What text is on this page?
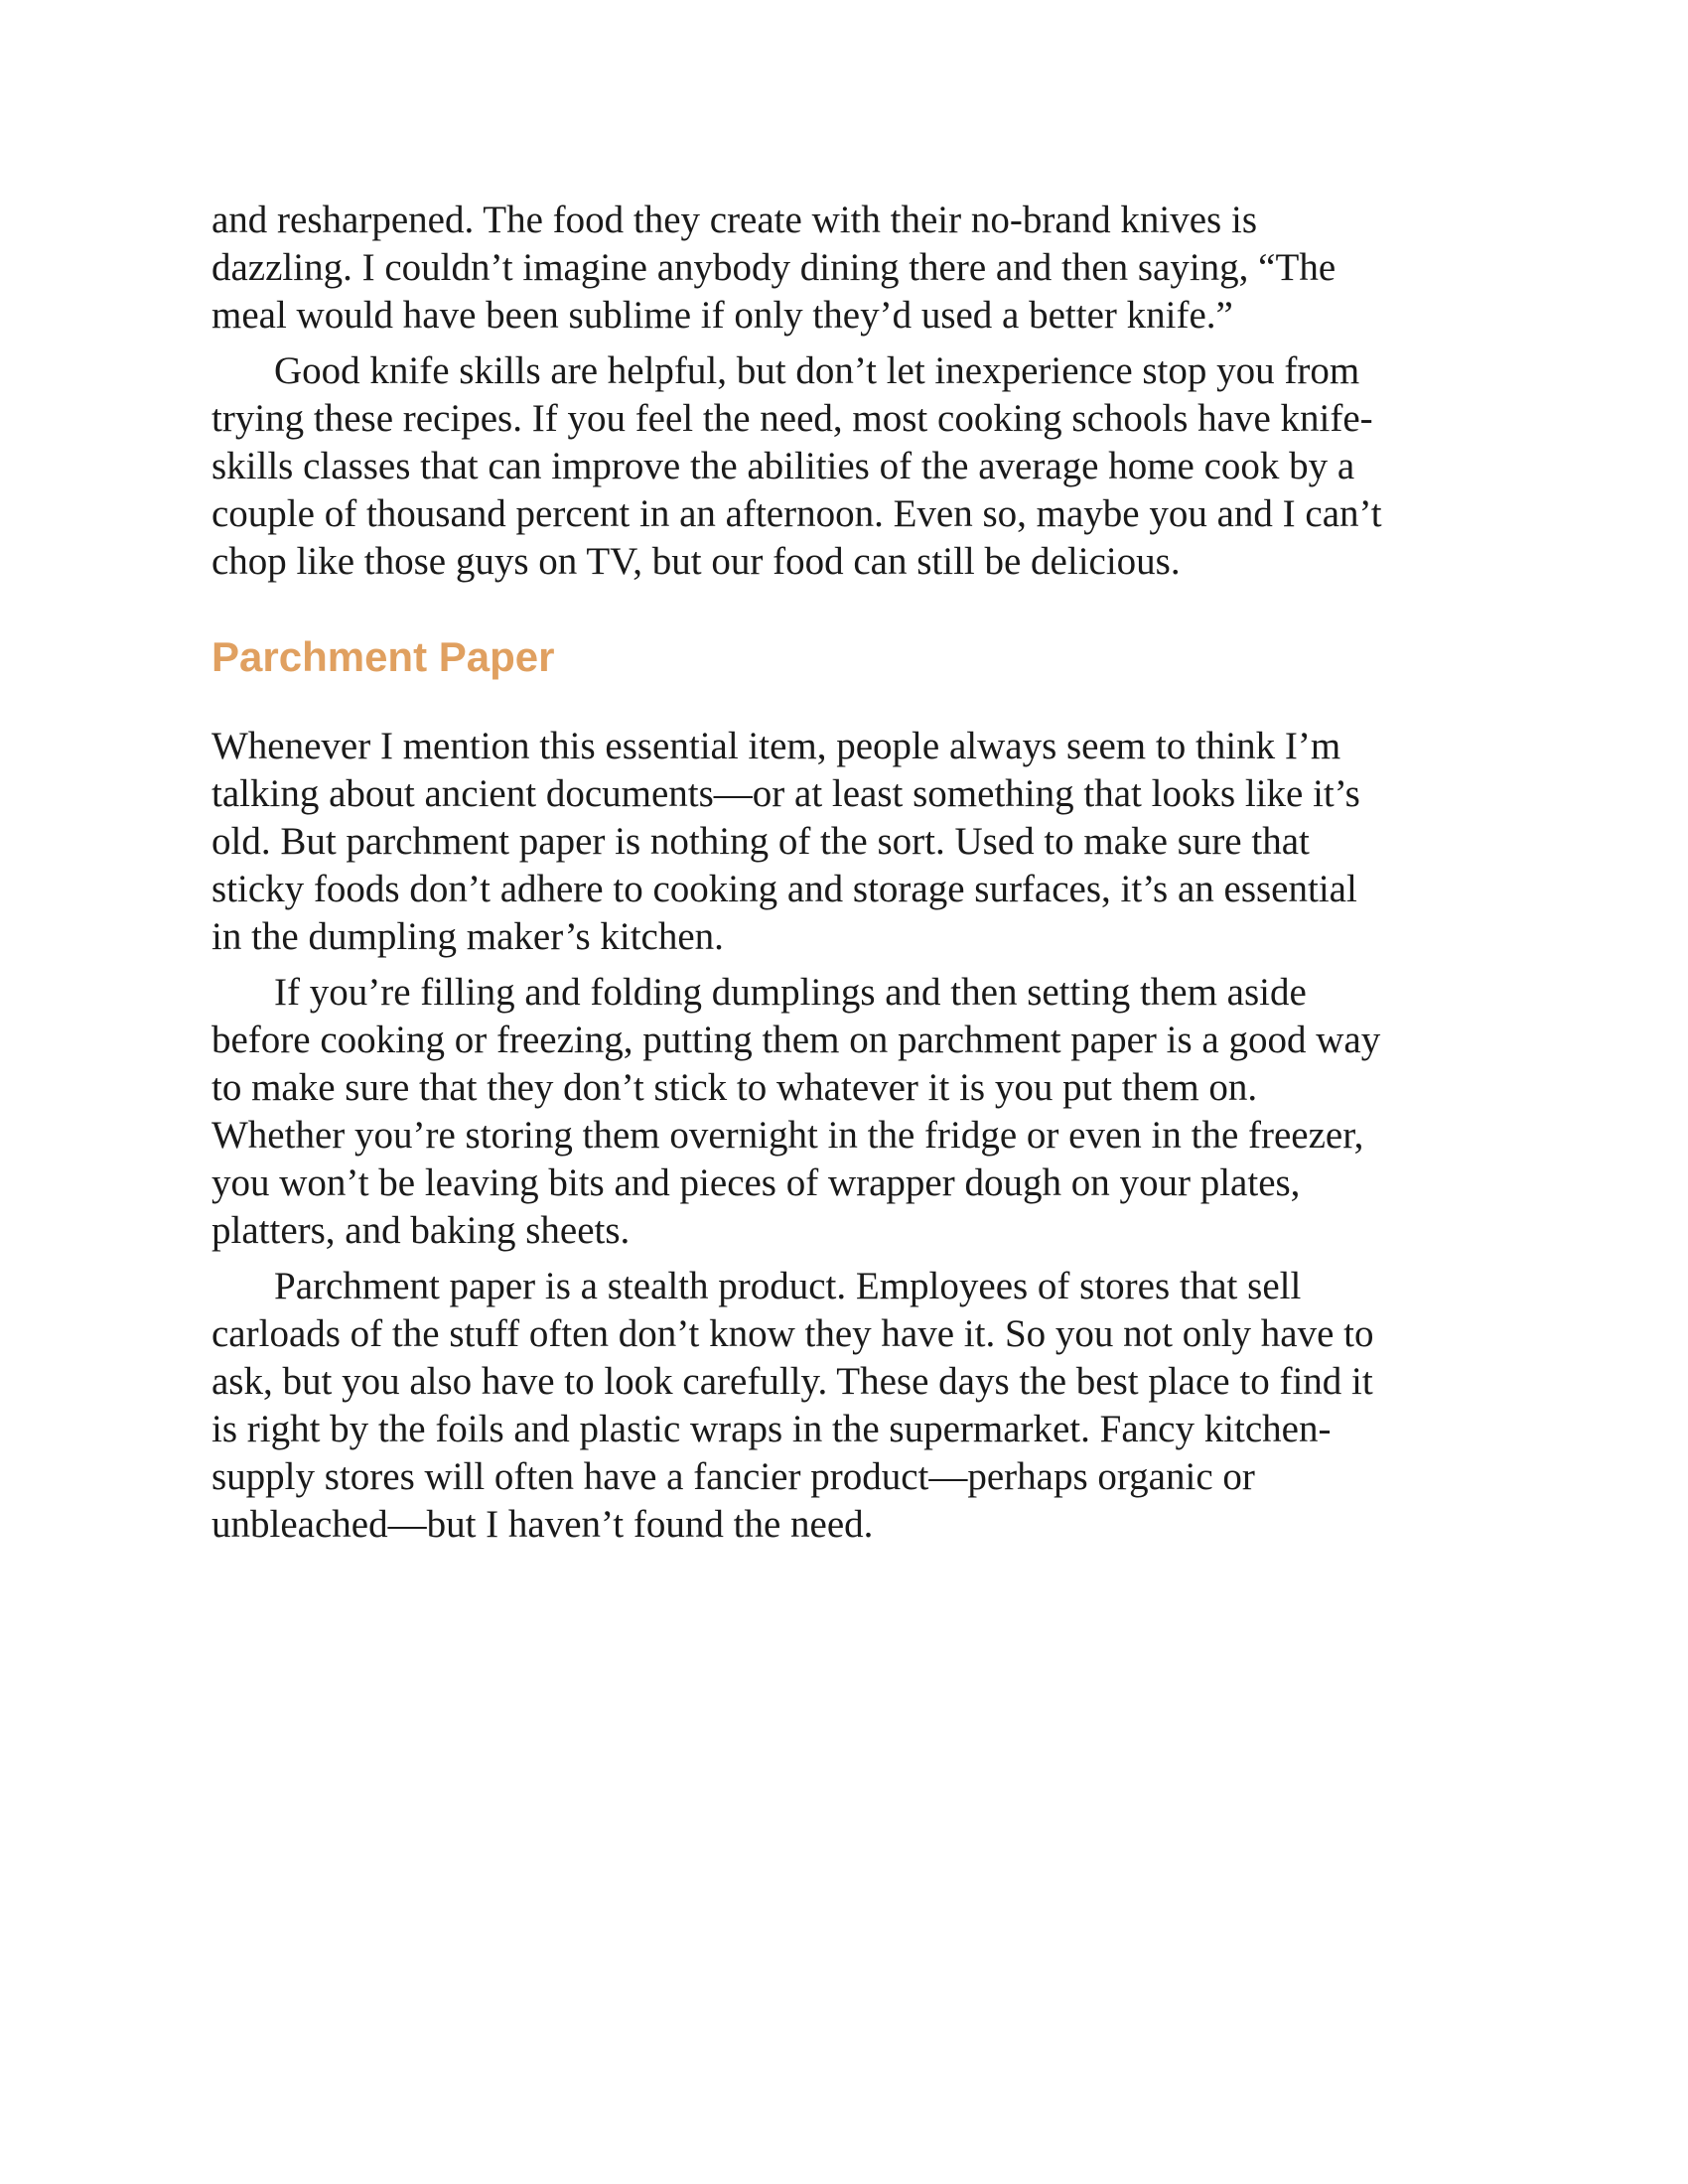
and resharpened. The food they create with their no-brand knives is
dazzling. I couldn’t imagine anybody dining there and then saying, “The
meal would have been sublime if only they’d used a better knife.”

Good knife skills are helpful, but don’t let inexperience stop you from
trying these recipes. If you feel the need, most cooking schools have knife-
skills classes that can improve the abilities of the average home cook by a
couple of thousand percent in an afternoon. Even so, maybe you and I can’t
chop like those guys on TV, but our food can still be delicious.

Parchment Paper

Whenever I mention this essential item, people always seem to think I’m
talking about ancient documents—or at least something that looks like it’s
old. But parchment paper is nothing of the sort. Used to make sure that
sticky foods don’t adhere to cooking and storage surfaces, it’s an essential
in the dumpling maker’s kitchen.

If you’re filling and folding dumplings and then setting them aside
before cooking or freezing, putting them on parchment paper is a good way
to make sure that they don’t stick to whatever it is you put them on.
Whether you’re storing them overnight in the fridge or even in the freezer,
you won’t be leaving bits and pieces of wrapper dough on your plates,
platters, and baking sheets.

Parchment paper is a stealth product. Employees of stores that sell
carloads of the stuff often don’t know they have it. So you not only have to
ask, but you also have to look carefully. These days the best place to find it
is right by the foils and plastic wraps in the supermarket. Fancy kitchen-
supply stores will often have a fancier product—perhaps organic or
unbleached—but I haven’t found the need.
